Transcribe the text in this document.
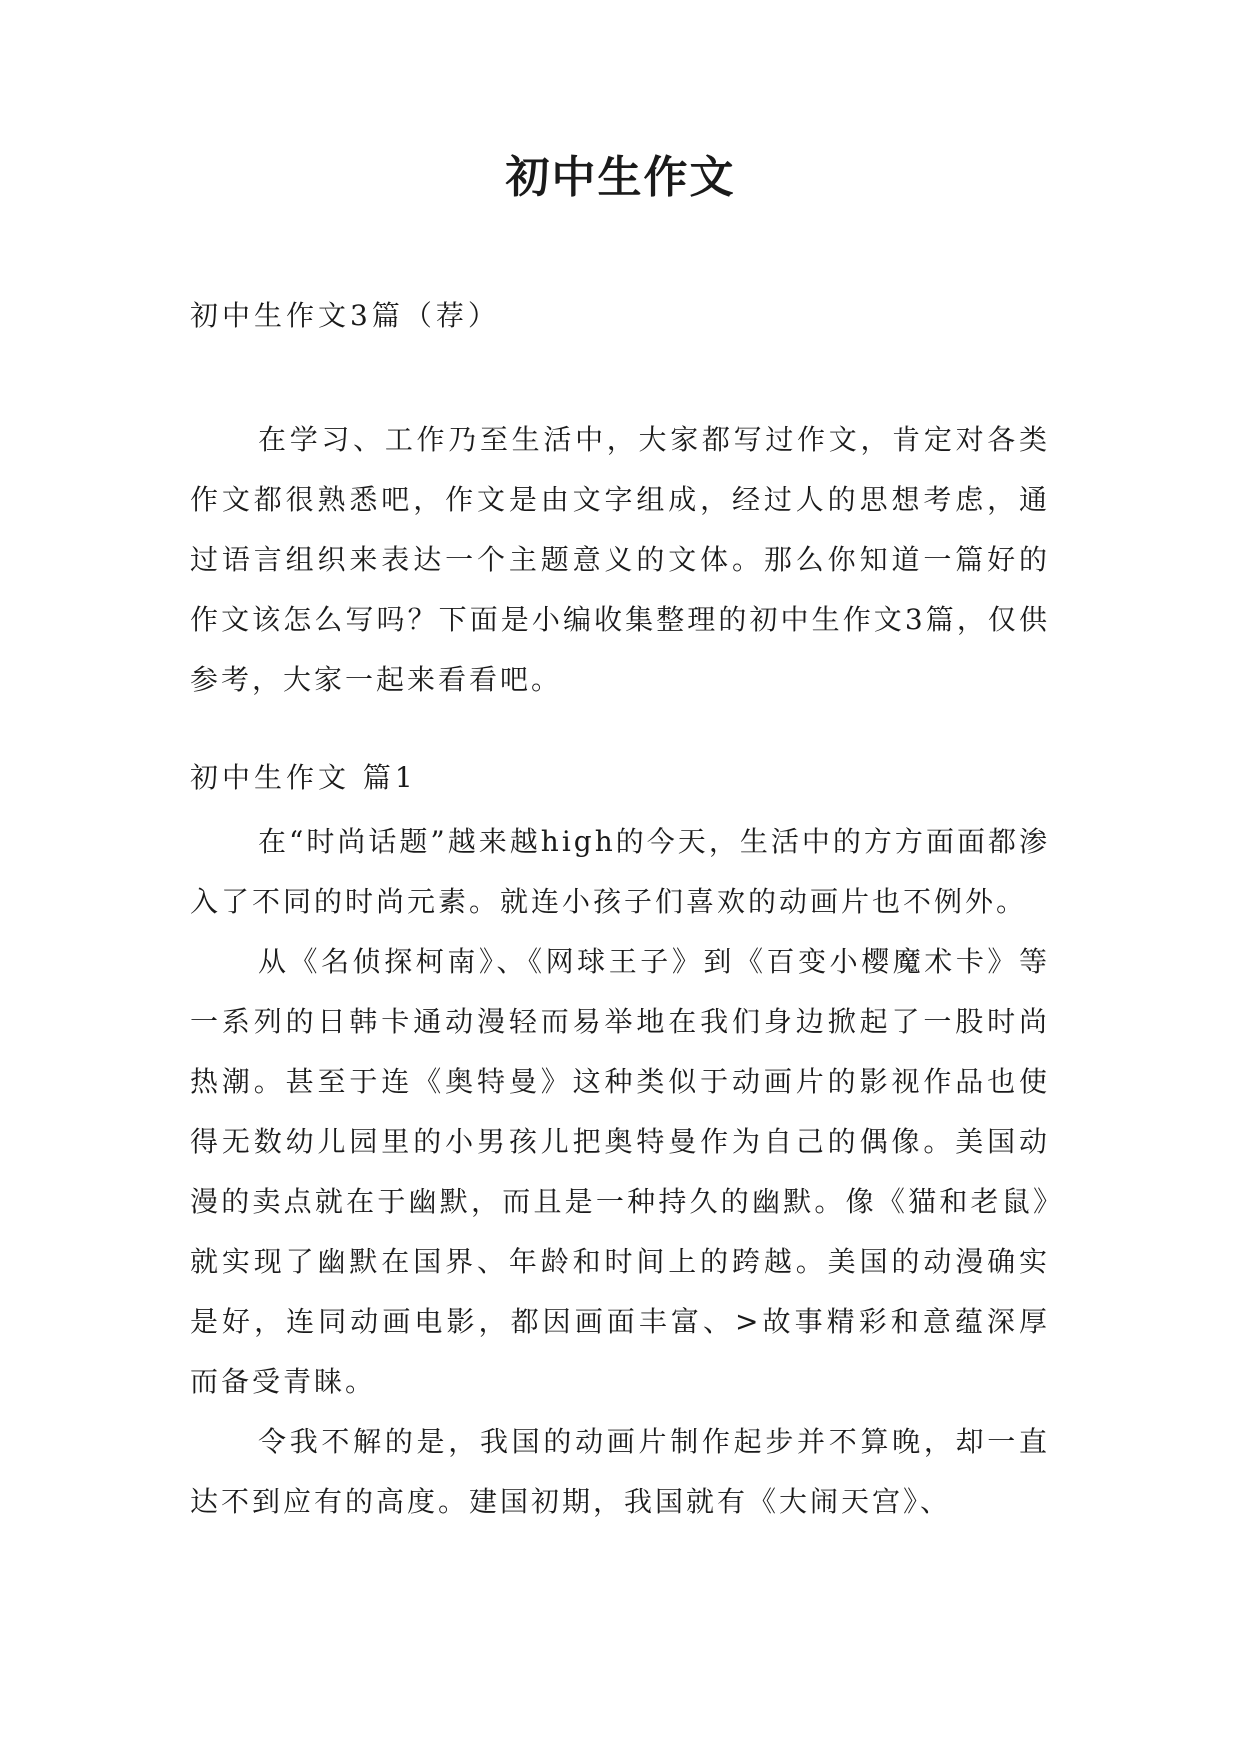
初中生作文
初中生作文3篇（荐）

在学习、工作乃至生活中，大家都写过作文，肯定对各类作文都很熟悉吧，作文是由文字组成，经过人的思想考虑，通过语言组织来表达一个主题意义的文体。那么你知道一篇好的作文该怎么写吗？下面是小编收集整理的初中生作文3篇，仅供参考，大家一起来看看吧。

初中生作文 篇1

在“时尚话题”越来越high的今天，生活中的方方面面都渗入了不同的时尚元素。就连小孩子们喜欢的动画片也不例外。

从《名侦探柯南》、《网球王子》到《百变小樱魔术卡》等一系列的日韩卡通动漫轻而易举地在我们身边掀起了一股时尚热潮。甚至于连《奥特曼》这种类似于动画片的影视作品也使得无数幼儿园里的小男孩儿把奥特曼作为自己的偶像。美国动漫的卖点就在于幽默，而且是一种持久的幽默。像《猫和老鼠》就实现了幽默在国界、年龄和时间上的跨越。美国的动漫确实是好，连同动画电影，都因画面丰富、>故事精彩和意蕴深厚而备受青睐。

令我不解的是，我国的动画片制作起步并不算晚，却一直达不到应有的高度。建国初期，我国就有《大闹天宫》、
